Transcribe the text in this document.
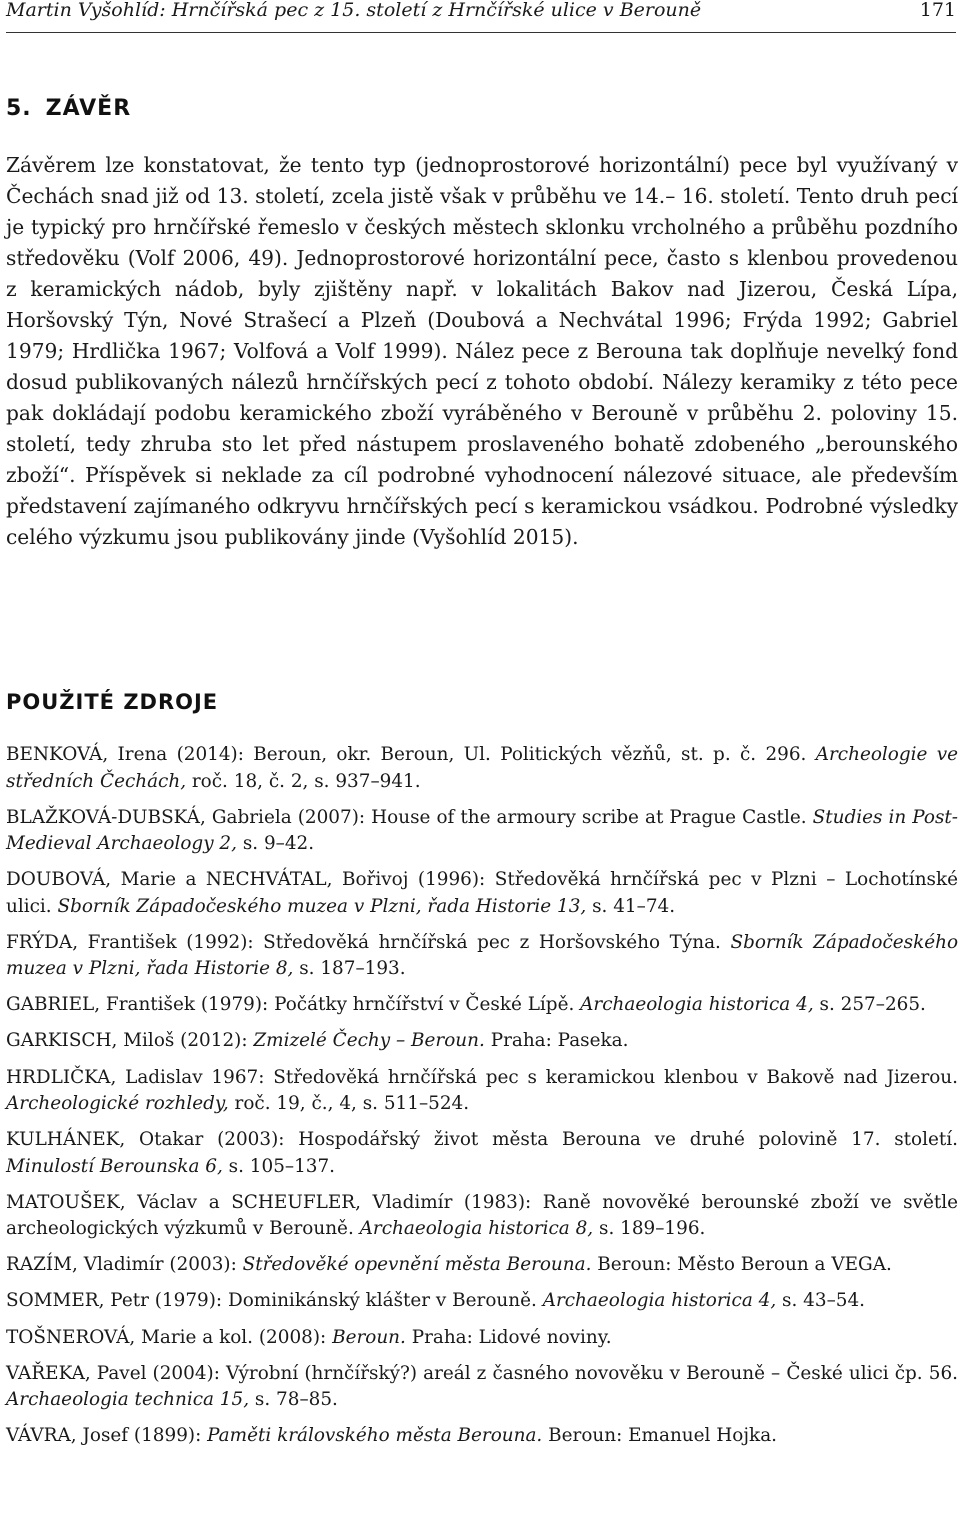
Martin Vyšohlíd: Hrnčířská pec z 15. století z Hrnčířské ulice v Berouně	171
5. ZÁVĚR

Závěrem lze konstatovat, že tento typ (jednoprostorové horizontální) pece byl využívaný v Čechách snad již od 13. století, zcela jistě však v průběhu ve 14.– 16. století. Tento druh pecí je typický pro hrnčířské řemeslo v českých městech sklonku vrcholného a průběhu pozdního středověku (Volf 2006, 49). Jednoprostorové horizontální pece, často s klenbou provedenou z keramických nádob, byly zjištěny např. v lokalitách Bakov nad Jizerou, Česká Lípa, Horšovský Týn, Nové Strašecí a Plzeň (Doubová a Nechvátal 1996; Frýda 1992; Gabriel 1979; Hrdlička 1967; Volfová a Volf 1999). Nález pece z Berouna tak doplňuje nevelký fond dosud publikovaných nálezů hrnčířských pecí z tohoto období. Nálezy keramiky z této pece pak dokládají podobu keramického zboží vyráběného v Berouně v průběhu 2. poloviny 15. století, tedy zhruba sto let před nástupem proslaveného bohatě zdobeného „berounského zboží“. Příspěvek si neklade za cíl podrobné vyhodnocení nálezové situace, ale především představení zajímaného odkryvu hrnčířských pecí s keramickou vsádkou. Podrobné výsledky celého výzkumu jsou publikovány jinde (Vyšohlíd 2015).

POUŽITÉ ZDROJE
BENKOVÁ, Irena (2014): Beroun, okr. Beroun, Ul. Politických vězňů, st. p. č. 296. Archeologie ve středních Čechách, roč. 18, č. 2, s. 937–941.
BLAŽKOVÁ-DUBSKÁ, Gabriela (2007): House of the armoury scribe at Prague Castle. Studies in Post-Medieval Archaeology 2, s. 9–42.
DOUBOVÁ, Marie a NECHVÁTAL, Bořivoj (1996): Středověká hrnčířská pec v Plzni – Lochotínské ulici. Sborník Západočeského muzea v Plzni, řada Historie 13, s. 41–74.
FRÝDA, František (1992): Středověká hrnčířská pec z Horšovského Týna. Sborník Západočeského muzea v Plzni, řada Historie 8, s. 187–193.
GABRIEL, František (1979): Počátky hrnčířství v České Lípě. Archaeologia historica 4, s. 257–265.
GARKISCH, Miloš (2012): Zmizelé Čechy – Beroun. Praha: Paseka.
HRDLIČKA, Ladislav 1967: Středověká hrnčířská pec s keramickou klenbou v Bakově nad Jizerou. Archeologické rozhledy, roč. 19, č., 4, s. 511–524.
KULHÁNEK, Otakar (2003): Hospodářský život města Berouna ve druhé polovině 17. století. Minulostí Berounska 6, s. 105–137.
MATOUŠEK, Václav a SCHEUFLER, Vladimír (1983): Raně novověké berounské zboží ve světle archeologických výzkumů v Berouně. Archaeologia historica 8, s. 189–196.
RAZÍM, Vladimír (2003): Středověké opevnění města Berouna. Beroun: Město Beroun a VEGA.
SOMMER, Petr (1979): Dominikánský klášter v Berouně. Archaeologia historica 4, s. 43–54.
TOŠNEROVÁ, Marie a kol. (2008): Beroun. Praha: Lidové noviny.
VAŘEKA, Pavel (2004): Výrobní (hrnčířský?) areál z časného novověku v Berouně – České ulici čp. 56. Archaeologia technica 15, s. 78–85.
VÁVRA, Josef (1899): Paměti královského města Berouna. Beroun: Emanuel Hojka.
